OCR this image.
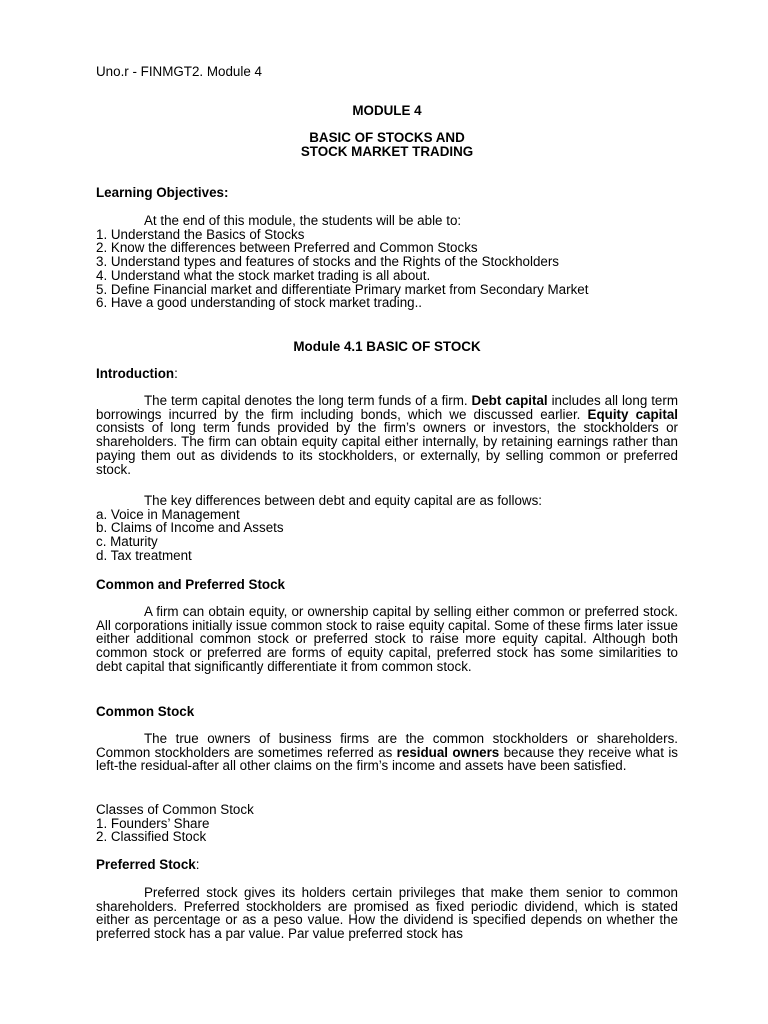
Uno.r - FINMGT2. Module 4
MODULE 4
BASIC OF STOCKS AND
STOCK MARKET TRADING
Learning Objectives:

At the end of this module, the students will be able to:

1. Understand the Basics of Stocks
2. Know the differences between Preferred and Common Stocks
3. Understand types and features of stocks and the Rights of the Stockholders
4. Understand what the stock market trading is all about.
5. Define Financial market and differentiate Primary market from Secondary Market
6. Have a good understanding of stock market trading..
Module 4.1 BASIC OF STOCK
Introduction:

The term capital denotes the long term funds of a firm. Debt capital includes all long term borrowings incurred by the firm including bonds, which we discussed earlier. Equity capital consists of long term funds provided by the firm’s owners or investors, the stockholders or shareholders. The firm can obtain equity capital either internally, by retaining earnings rather than paying them out as dividends to its stockholders, or externally, by selling common or preferred stock.

The key differences between debt and equity capital are as follows:

a. Voice in Management
b. Claims of Income and Assets
c. Maturity
d. Tax treatment
Common and Preferred Stock

A firm can obtain equity, or ownership capital by selling either common or preferred stock. All corporations initially issue common stock to raise equity capital. Some of these firms later issue either additional common stock or preferred stock to raise more equity capital. Although both common stock or preferred are forms of equity capital, preferred stock has some similarities to debt capital that significantly differentiate it from common stock.

Common Stock

The true owners of business firms are the common stockholders or shareholders. Common stockholders are sometimes referred as residual owners because they receive what is left-the residual-after all other claims on the firm’s income and assets have been satisfied.

Classes of Common Stock

1. Founders’ Share
2. Classified Stock
Preferred Stock:

Preferred stock gives its holders certain privileges that make them senior to common shareholders. Preferred stockholders are promised as fixed periodic dividend, which is stated either as percentage or as a peso value. How the dividend is specified depends on whether the preferred stock has a par value. Par value preferred stock has
